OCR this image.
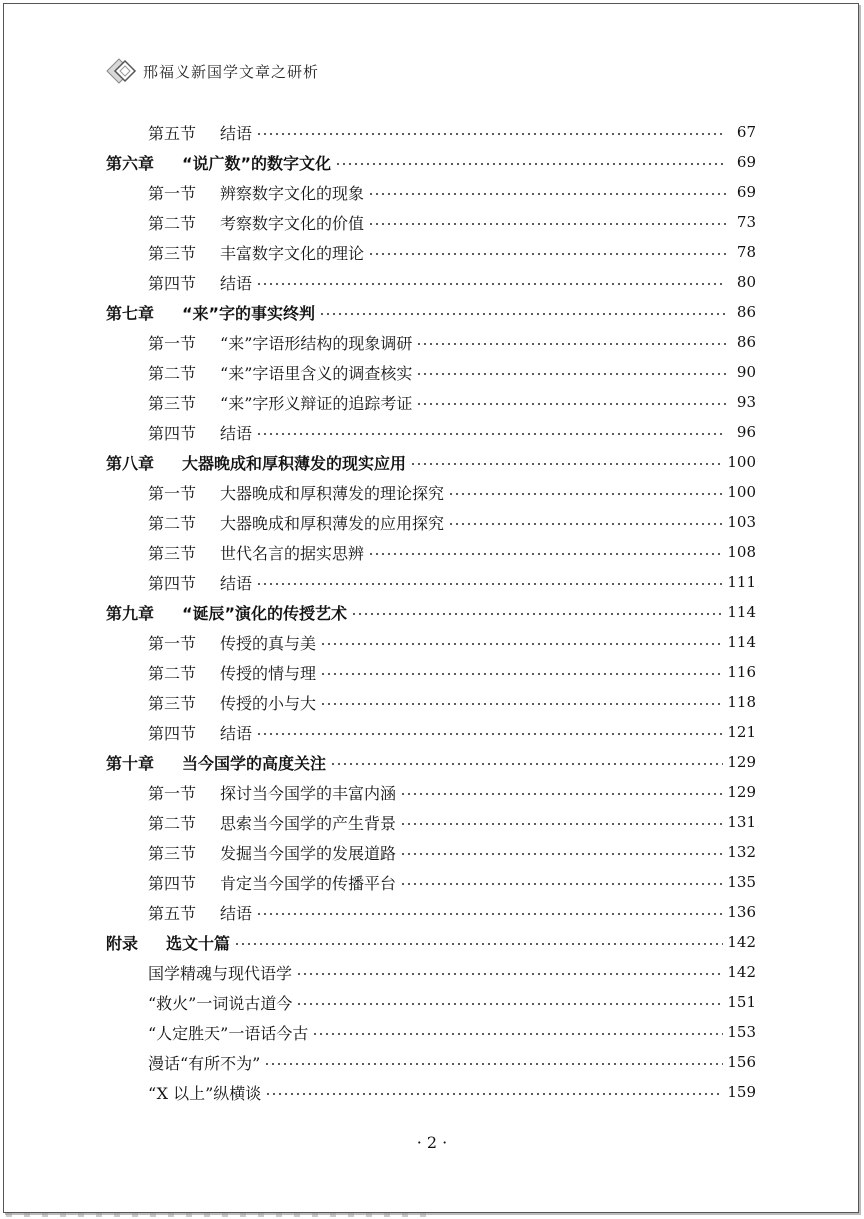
邢福义新国学文章之研析
第五节 结语	67
第六章 “说广数”的数字文化	69
第一节 辨察数字文化的现象	69
第二节 考察数字文化的价值	73
第三节 丰富数字文化的理论	78
第四节 结语	80
第七章 “来”字的事实终判	86
第一节 “来”字语形结构的现象调研	86
第二节 “来”字语里含义的调查核实	90
第三节 “来”字形义辩证的追踪考证	93
第四节 结语	96
第八章 大器晚成和厚积薄发的现实应用	100
第一节 大器晚成和厚积薄发的理论探究	100
第二节 大器晚成和厚积薄发的应用探究	103
第三节 世代名言的据实思辨	108
第四节 结语	111
第九章 “诞辰”演化的传授艺术	114
第一节 传授的真与美	114
第二节 传授的情与理	116
第三节 传授的小与大	118
第四节 结语	121
第十章 当今国学的高度关注	129
第一节 探讨当今国学的丰富内涵	129
第二节 思索当今国学的产生背景	131
第三节 发掘当今国学的发展道路	132
第四节 肯定当今国学的传播平台	135
第五节 结语	136
附录 选文十篇	142
国学精魂与现代语学	142
“救火”一词说古道今	151
“人定胜天”一语话今古	153
漫话“有所不为”	156
“X 以上”纵横谈	159
· 2 ·
